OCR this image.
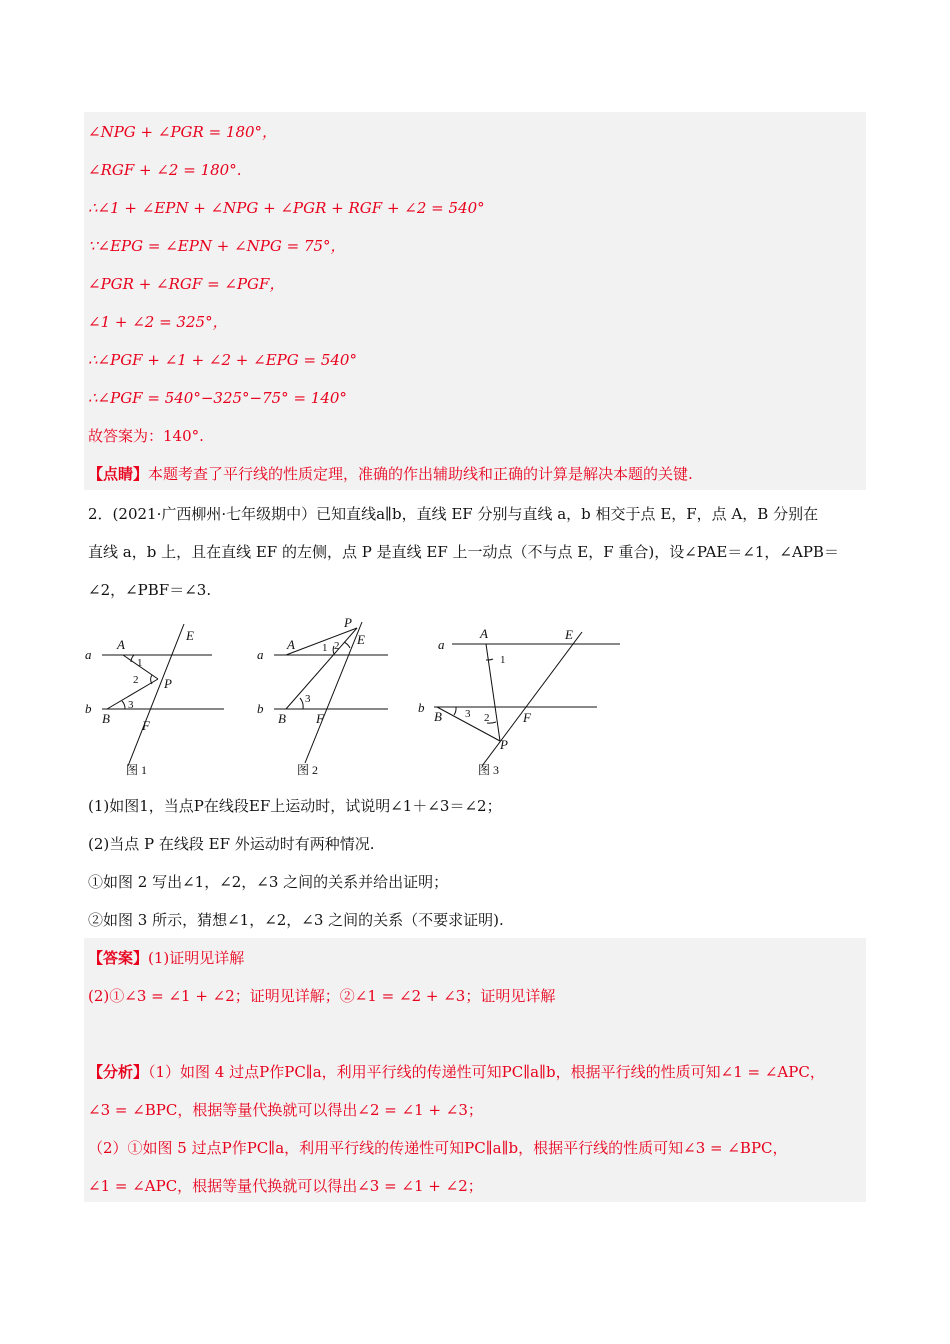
∠NPG + ∠PGR = 180°，
∠RGF + ∠2 = 180°.
∴∠1 + ∠EPN + ∠NPG + ∠PGR + RGF + ∠2 = 540°
∵∠EPG = ∠EPN + ∠NPG = 75°，
∠PGR + ∠RGF = ∠PGF，
∠1 + ∠2 = 325°，
∴∠PGF + ∠1 + ∠2 + ∠EPG = 540°
∴∠PGF = 540°−325°−75° = 140°
故答案为：140°.
【点睛】本题考查了平行线的性质定理，准确的作出辅助线和正确的计算是解决本题的关键.
2．(2021·广西柳州·七年级期中）已知直线a∥b，直线 EF 分别与直线 a，b 相交于点 E，F，点 A，B 分别在
直线 a，b 上，且在直线 EF 的左侧，点 P 是直线 EF 上一动点（不与点 E，F 重合)，设∠PAE＝∠1，∠APB＝
∠2，∠PBF＝∠3.
a
b
A
B
E
F
P
1
2
3
图 1
a
b
A
B
E
F
P
1 2
3
图 2
a
b
A
B
E
F
P
1
2
3
图 3
(1)如图1，当点P在线段EF上运动时，试说明∠1＋∠3＝∠2；
(2)当点 P 在线段 EF 外运动时有两种情况.
①如图 2 写出∠1，∠2，∠3 之间的关系并给出证明；
②如图 3 所示，猜想∠1，∠2，∠3 之间的关系（不要求证明).
【答案】(1)证明见详解
(2)①∠3 = ∠1 + ∠2；证明见详解；②∠1 = ∠2 + ∠3；证明见详解
【分析】（1）如图 4 过点P作PC∥a，利用平行线的传递性可知PC∥a∥b，根据平行线的性质可知∠1 = ∠APC，
∠3 = ∠BPC，根据等量代换就可以得出∠2 = ∠1 + ∠3；
（2）①如图 5 过点P作PC∥a，利用平行线的传递性可知PC∥a∥b，根据平行线的性质可知∠3 = ∠BPC，
∠1 = ∠APC，根据等量代换就可以得出∠3 = ∠1 + ∠2；
